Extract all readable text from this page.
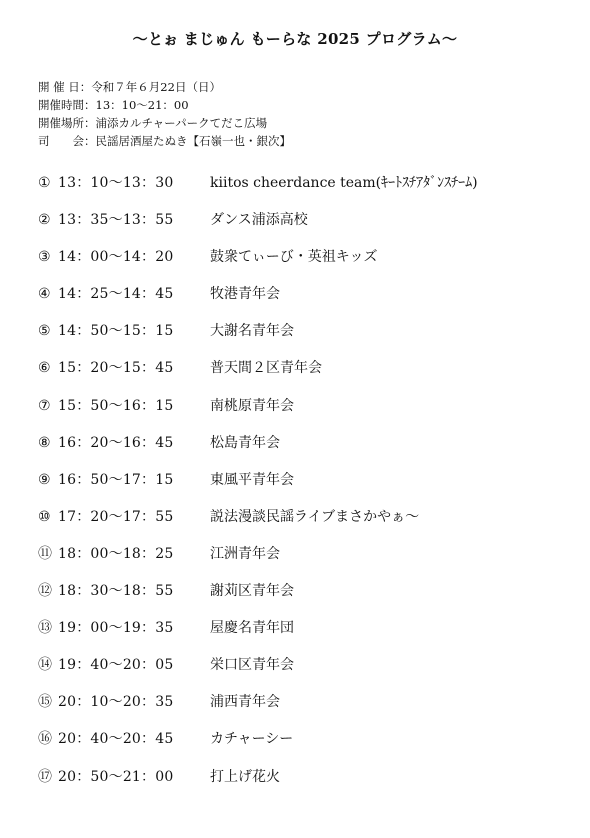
〜とぉ まじゅん もーらな 2025 プログラム〜
開 催 日：令和７年６月22日（日）
開催時間：13：10〜21：00
開催場所：浦添カルチャーパークてだこ広場
司　　会：民謡居酒屋たぬき【石嶺一也・銀次】
① 13：10〜13：30	kiitos cheerdance team(ｷｰﾄｽﾁｱﾀﾞﾝｽﾁｰﾑ)
② 13：35〜13：55	ダンス浦添高校
③ 14：00〜14：20	鼓衆てぃーび・英祖キッズ
④ 14：25〜14：45	牧港青年会
⑤ 14：50〜15：15	大謝名青年会
⑥ 15：20〜15：45	普天間２区青年会
⑦ 15：50〜16：15	南桃原青年会
⑧ 16：20〜16：45	松島青年会
⑨ 16：50〜17：15	東風平青年会
⑩ 17：20〜17：55	説法漫談民謡ライブまさかやぁ〜
⑪ 18：00〜18：25	江洲青年会
⑫ 18：30〜18：55	謝苅区青年会
⑬ 19：00〜19：35	屋慶名青年団
⑭ 19：40〜20：05	栄口区青年会
⑮ 20：10〜20：35	浦西青年会
⑯ 20：40〜20：45	カチャーシー
⑰ 20：50〜21：00	打上げ花火
